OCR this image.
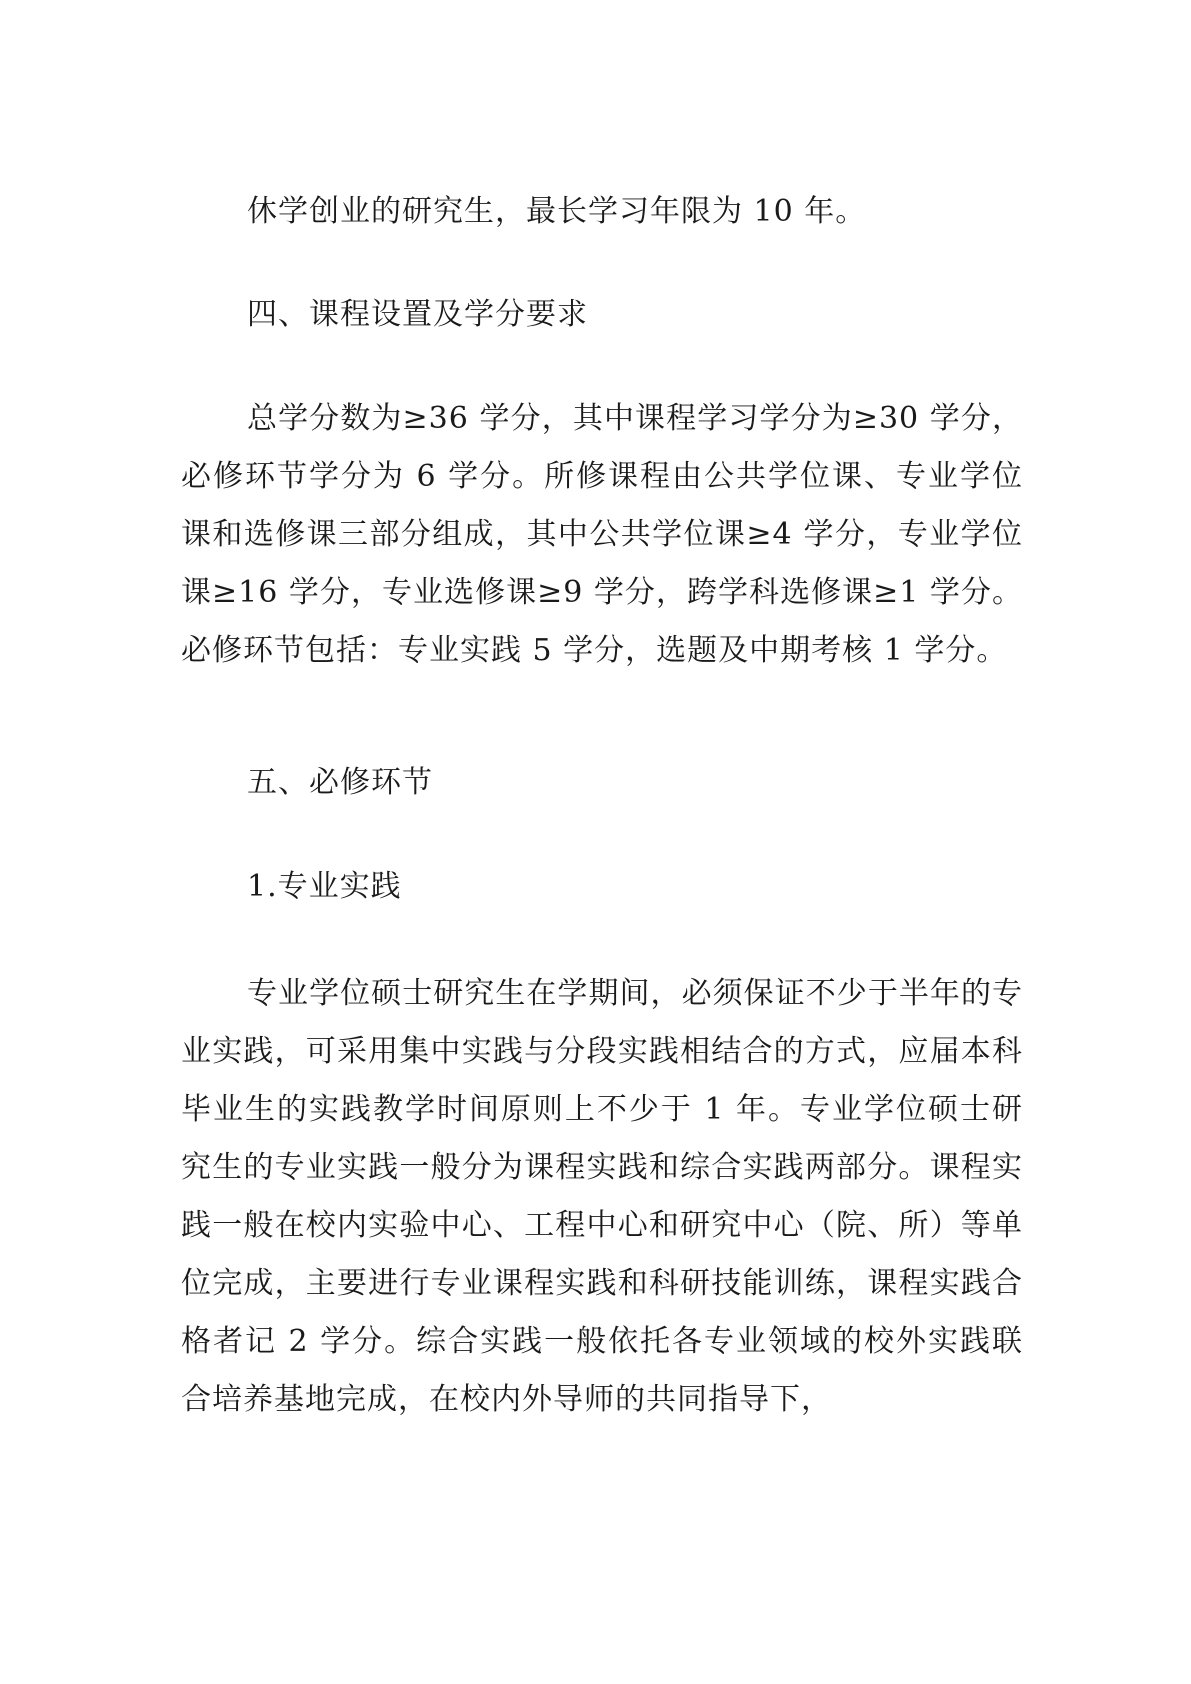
休学创业的研究生，最长学习年限为 10 年。

四、课程设置及学分要求

总学分数为≥36 学分，其中课程学习学分为≥30 学分，必修环节学分为 6 学分。所修课程由公共学位课、专业学位课和选修课三部分组成，其中公共学位课≥4 学分，专业学位课≥16 学分，专业选修课≥9 学分，跨学科选修课≥1 学分。必修环节包括：专业实践 5 学分，选题及中期考核 1 学分。

五、必修环节
1.专业实践

专业学位硕士研究生在学期间，必须保证不少于半年的专业实践，可采用集中实践与分段实践相结合的方式，应届本科毕业生的实践教学时间原则上不少于 1 年。专业学位硕士研究生的专业实践一般分为课程实践和综合实践两部分。课程实践一般在校内实验中心、工程中心和研究中心（院、所）等单位完成，主要进行专业课程实践和科研技能训练，课程实践合格者记 2 学分。综合实践一般依托各专业领域的校外实践联合培养基地完成，在校内外导师的共同指导下，
